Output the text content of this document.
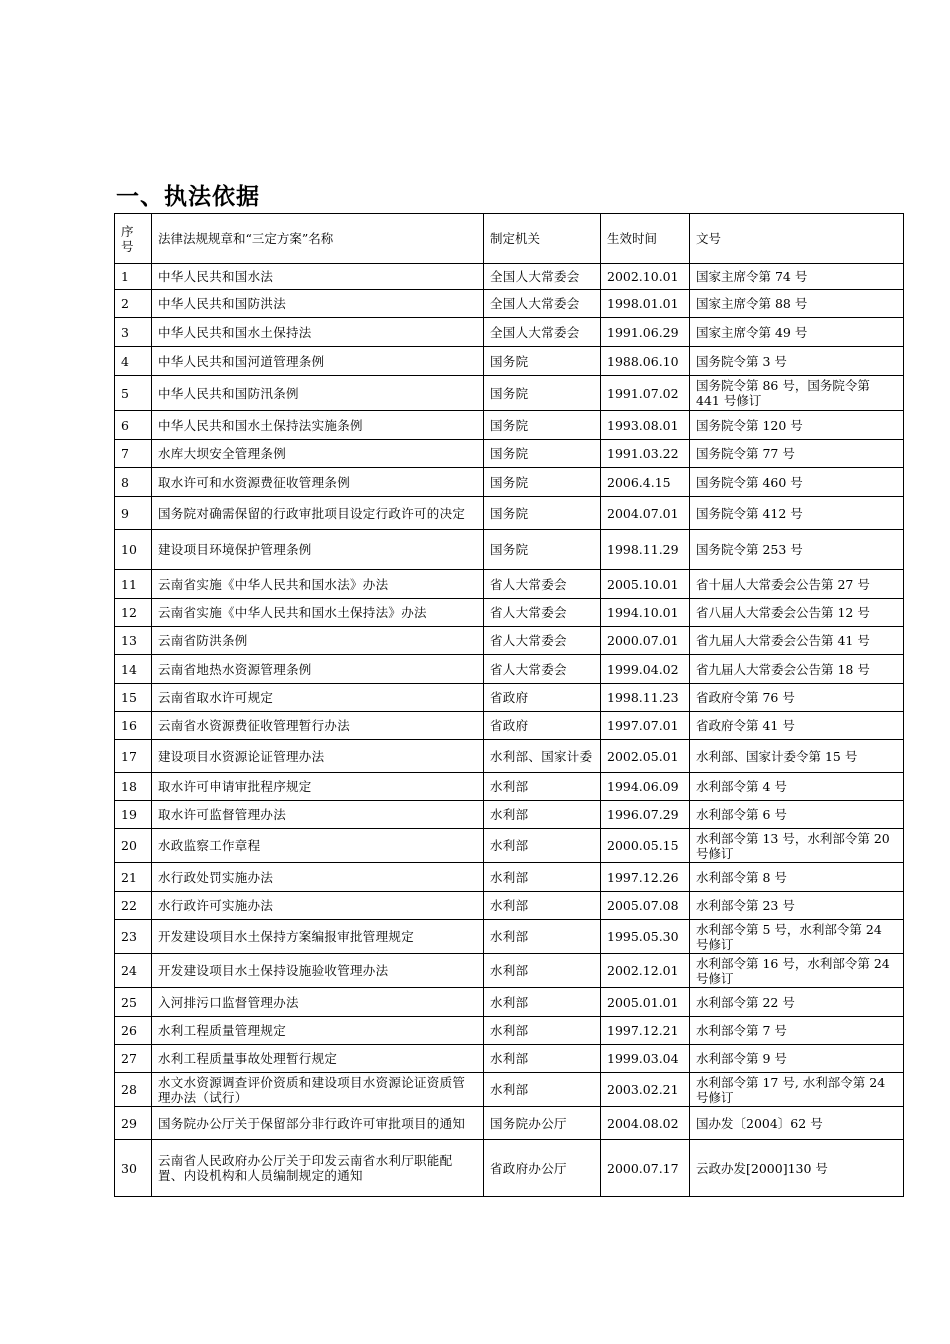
一、执法依据
序号	法律法规规章和“三定方案”名称	制定机关	生效时间	文号
1	中华人民共和国水法	全国人大常委会	2002.10.01	国家主席令第 74 号
2	中华人民共和国防洪法	全国人大常委会	1998.01.01	国家主席令第 88 号
3	中华人民共和国水土保持法	全国人大常委会	1991.06.29	国家主席令第 49 号
4	中华人民共和国河道管理条例	国务院	1988.06.10	国务院令第 3 号
5	中华人民共和国防汛条例	国务院	1991.07.02	国务院令第 86 号，国务院令第 441 号修订
6	中华人民共和国水土保持法实施条例	国务院	1993.08.01	国务院令第 120 号
7	水库大坝安全管理条例	国务院	1991.03.22	国务院令第 77 号
8	取水许可和水资源费征收管理条例	国务院	2006.4.15	国务院令第 460 号
9	国务院对确需保留的行政审批项目设定行政许可的决定	国务院	2004.07.01	国务院令第 412 号
10	建设项目环境保护管理条例	国务院	1998.11.29	国务院令第 253 号
11	云南省实施《中华人民共和国水法》办法	省人大常委会	2005.10.01	省十届人大常委会公告第 27 号
12	云南省实施《中华人民共和国水土保持法》办法	省人大常委会	1994.10.01	省八届人大常委会公告第 12 号
13	云南省防洪条例	省人大常委会	2000.07.01	省九届人大常委会公告第 41 号
14	云南省地热水资源管理条例	省人大常委会	1999.04.02	省九届人大常委会公告第 18 号
15	云南省取水许可规定	省政府	1998.11.23	省政府令第 76 号
16	云南省水资源费征收管理暂行办法	省政府	1997.07.01	省政府令第 41 号
17	建设项目水资源论证管理办法	水利部、国家计委	2002.05.01	水利部、国家计委令第 15 号
18	取水许可申请审批程序规定	水利部	1994.06.09	水利部令第 4 号
19	取水许可监督管理办法	水利部	1996.07.29	水利部令第 6 号
20	水政监察工作章程	水利部	2000.05.15	水利部令第 13 号，水利部令第 20 号修订
21	水行政处罚实施办法	水利部	1997.12.26	水利部令第 8 号
22	水行政许可实施办法	水利部	2005.07.08	水利部令第 23 号
23	开发建设项目水土保持方案编报审批管理规定	水利部	1995.05.30	水利部令第 5 号，水利部令第 24 号修订
24	开发建设项目水土保持设施验收管理办法	水利部	2002.12.01	水利部令第 16 号，水利部令第 24 号修订
25	入河排污口监督管理办法	水利部	2005.01.01	水利部令第 22 号
26	水利工程质量管理规定	水利部	1997.12.21	水利部令第 7 号
27	水利工程质量事故处理暂行规定	水利部	1999.03.04	水利部令第 9 号
28	水文水资源调查评价资质和建设项目水资源论证资质管理办法（试行）	水利部	2003.02.21	水利部令第 17 号, 水利部令第 24 号修订
29	国务院办公厅关于保留部分非行政许可审批项目的通知	国务院办公厅	2004.08.02	国办发〔2004〕62 号
30	云南省人民政府办公厅关于印发云南省水利厅职能配置、内设机构和人员编制规定的通知	省政府办公厅	2000.07.17	云政办发[2000]130 号
